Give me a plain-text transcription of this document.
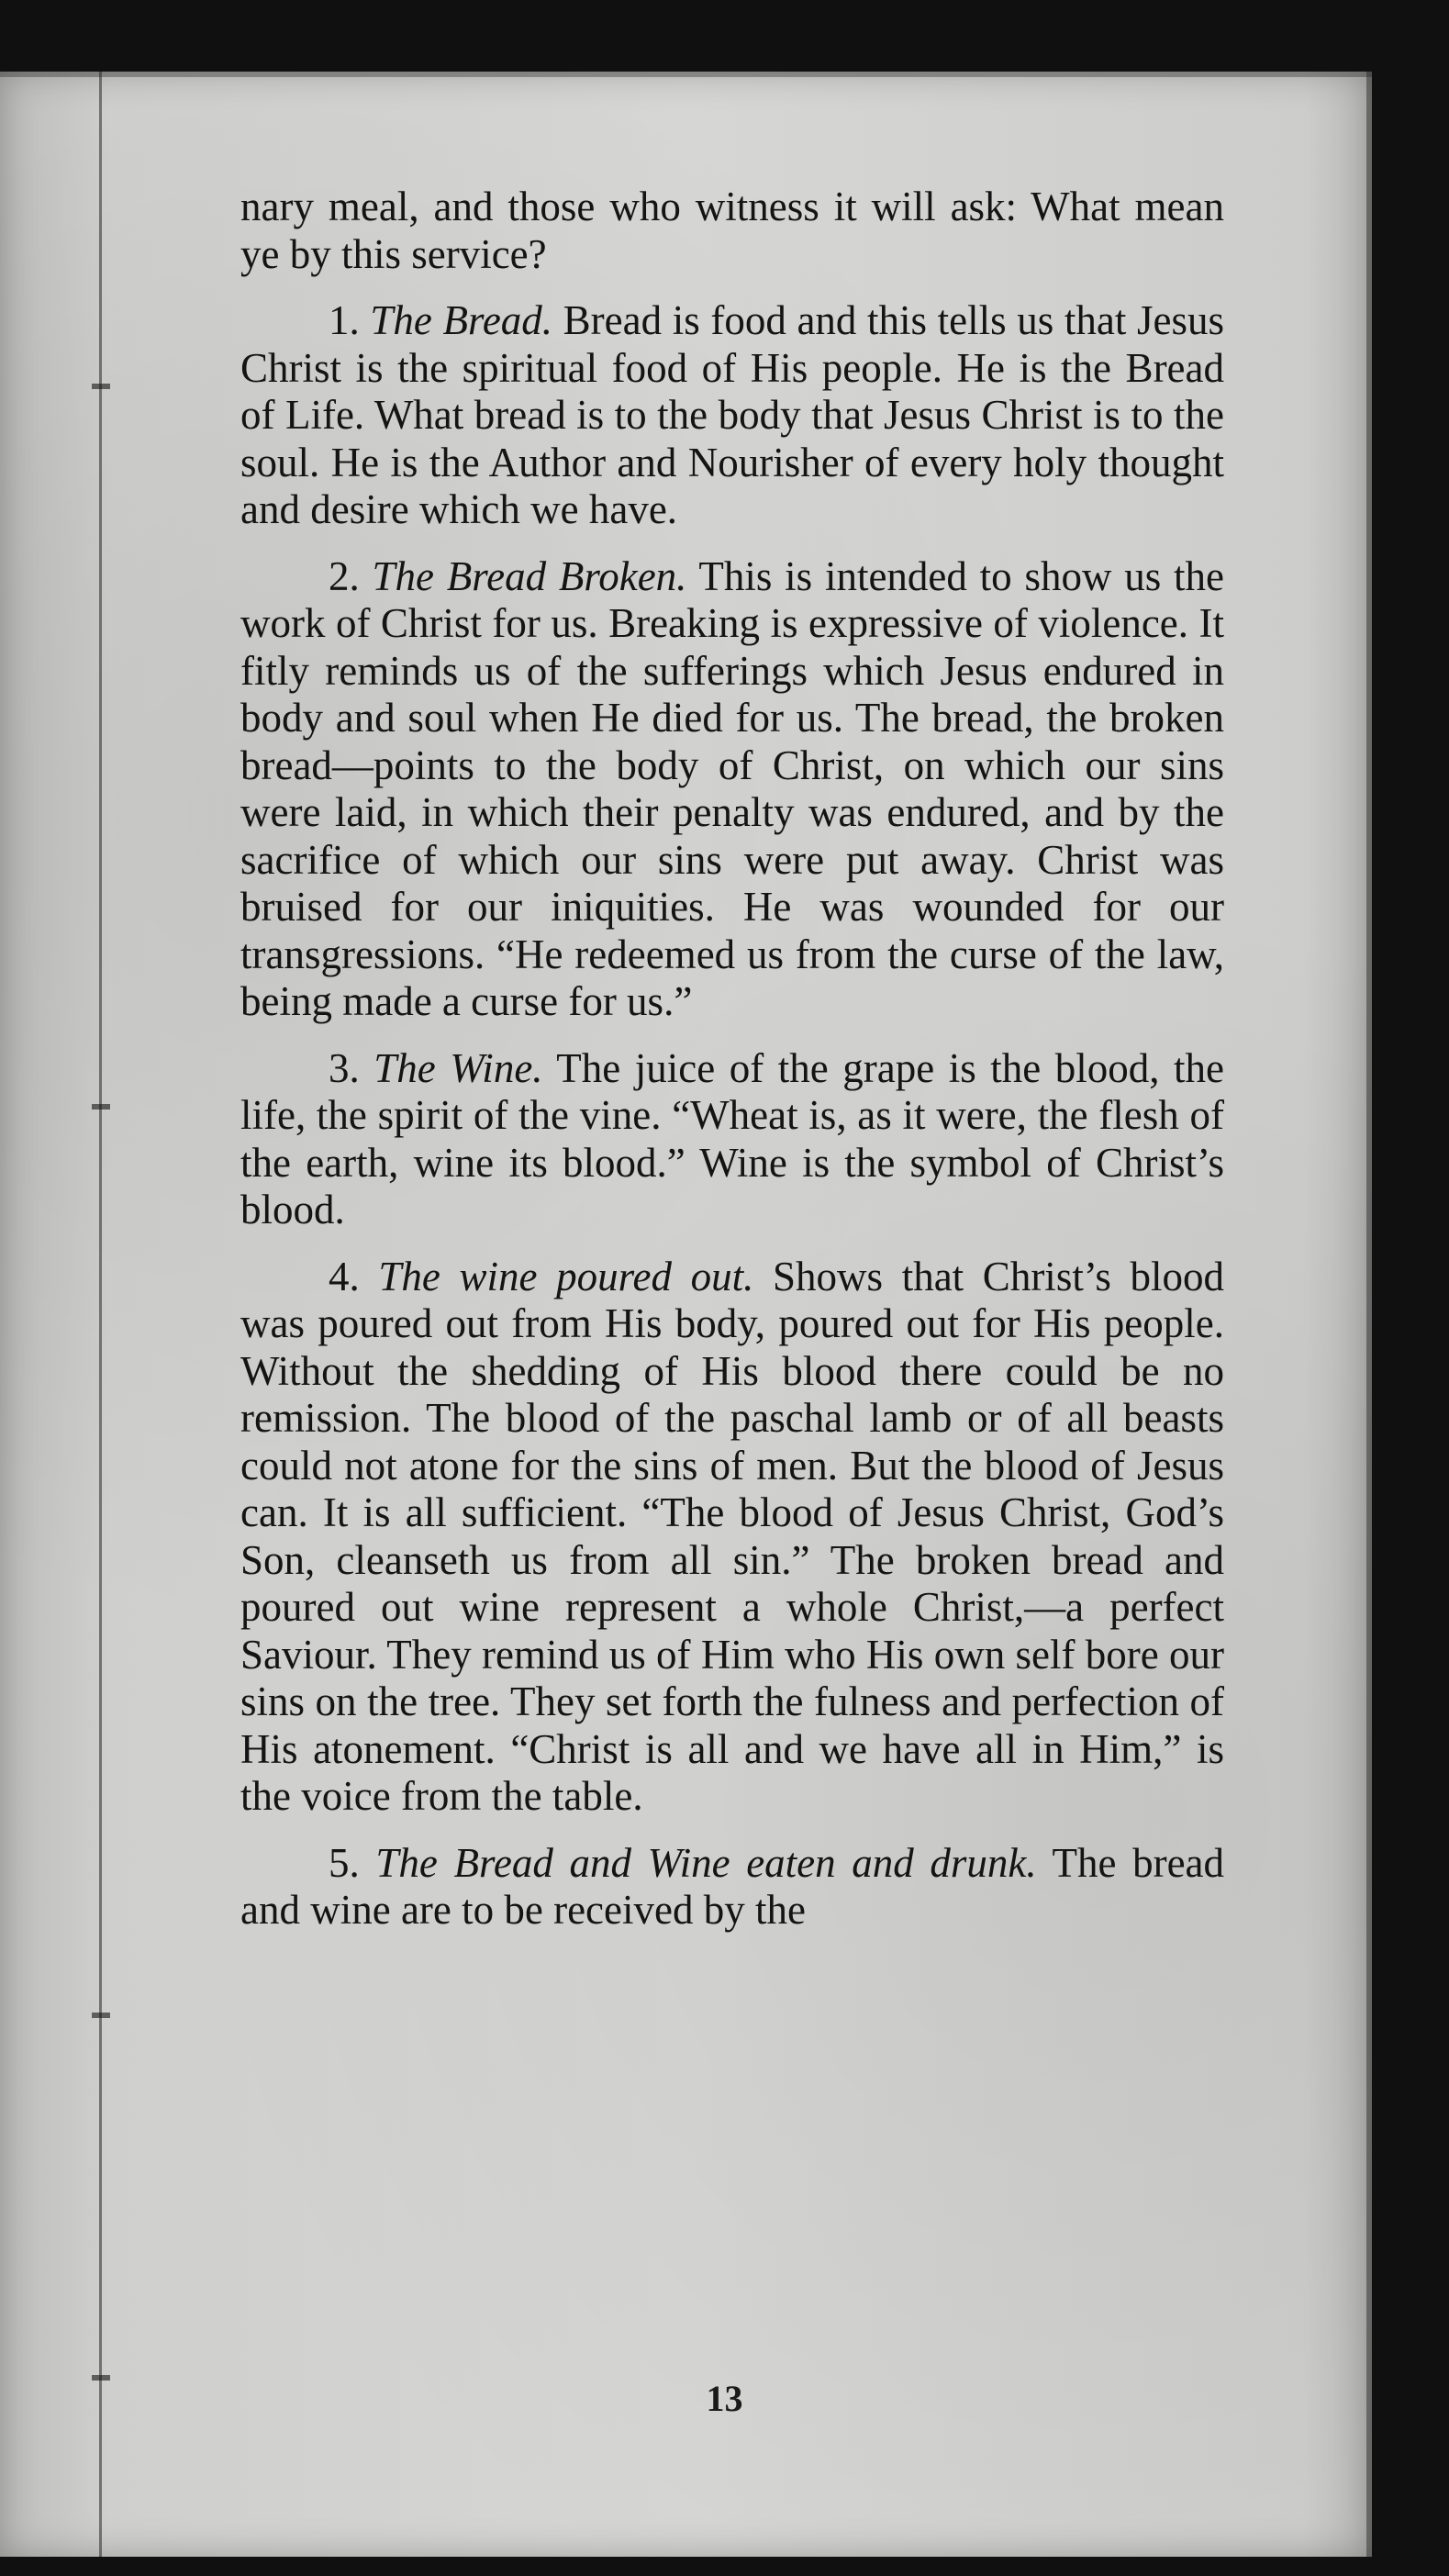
nary meal, and those who witness it will ask: What mean ye by this service?

1. The Bread. Bread is food and this tells us that Jesus Christ is the spiritual food of His people. He is the Bread of Life. What bread is to the body that Jesus Christ is to the soul. He is the Author and Nourisher of every holy thought and desire which we have.

2. The Bread Broken. This is intended to show us the work of Christ for us. Breaking is expressive of violence. It fitly reminds us of the sufferings which Jesus endured in body and soul when He died for us. The bread, the broken bread—points to the body of Christ, on which our sins were laid, in which their penalty was endured, and by the sacrifice of which our sins were put away. Christ was bruised for our iniquities. He was wounded for our transgressions. “He redeemed us from the curse of the law, being made a curse for us.”

3. The Wine. The juice of the grape is the blood, the life, the spirit of the vine. “Wheat is, as it were, the flesh of the earth, wine its blood.” Wine is the symbol of Christ’s blood.

4. The wine poured out. Shows that Christ’s blood was poured out from His body, poured out for His people. Without the shedding of His blood there could be no remission. The blood of the paschal lamb or of all beasts could not atone for the sins of men. But the blood of Jesus can. It is all sufficient. “The blood of Jesus Christ, God’s Son, cleanseth us from all sin.” The broken bread and poured out wine represent a whole Christ,—a perfect Saviour. They remind us of Him who His own self bore our sins on the tree. They set forth the fulness and perfection of His atonement. “Christ is all and we have all in Him,” is the voice from the table.

5. The Bread and Wine eaten and drunk. The bread and wine are to be received by the

13
